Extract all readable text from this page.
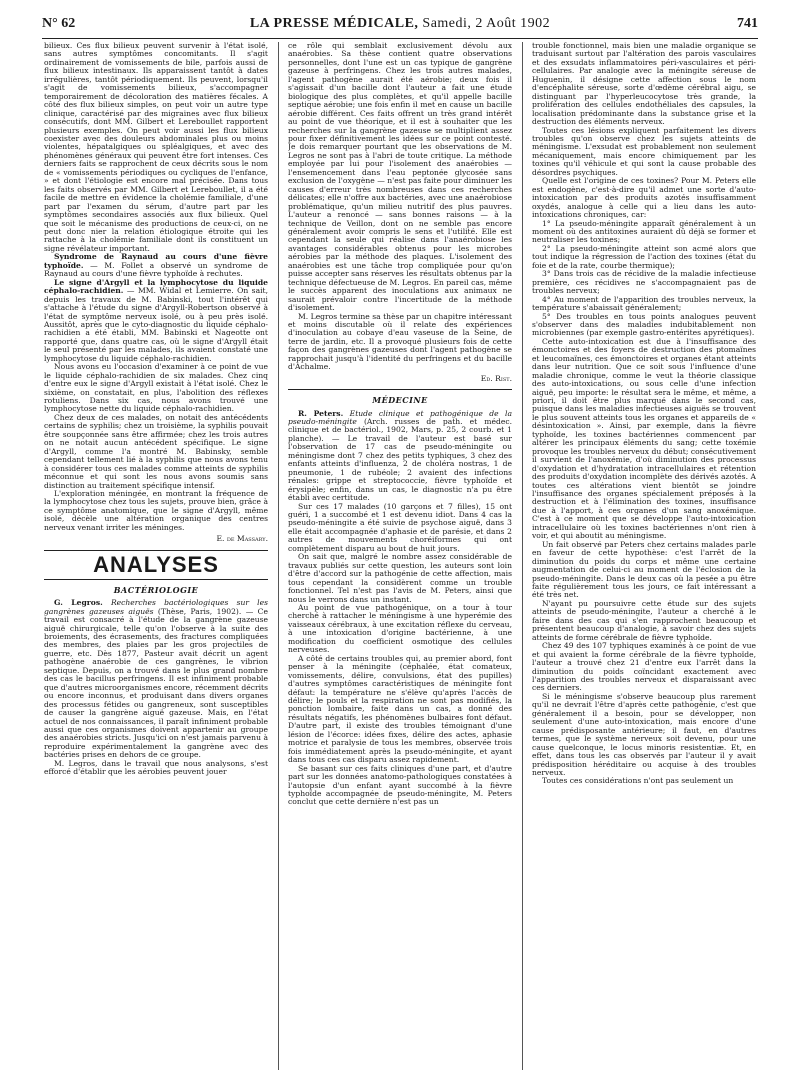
N° 62	LA PRESSE MÉDICALE, Samedi, 2 Août 1902	741

bilieux. Ces flux bilieux peuvent survenir à l'état isolé, sans autres symptômes concomitants. Il s'agit ordinairement de vomissements de bile, parfois aussi de flux bilieux intestinaux. Ils apparaissent tantôt à dates irrégulières, tantôt périodiquement. Ils peuvent, lorsqu'il s'agit de vomissements bilieux, s'accompagner temporairement de décoloration des matières fécales. A côté des flux bilieux simples, on peut voir un autre type clinique, caractérisé par des migraines avec flux bilieux consécutifs, dont MM. Gilbert et Lereboullet rapportent plusieurs exemples. On peut voir aussi les flux bilieux coexister avec des douleurs abdominales plus ou moins violentes, hépatalgiques ou spléalgiques, et avec des phénomènes généraux qui peuvent être fort intenses. Ces derniers faits se rapprochent de ceux décrits sous le nom de « vomissements périodiques ou cycliques de l'enfance, » et dont l'étiologie est encore mal précisée. Dans tous les faits observés par MM. Gilbert et Lereboullet, il a été facile de mettre en évidence la cholémie familiale, d'une part par l'examen du sérum, d'autre part par les symptômes secondaires associés aux flux bilieux. Quel que soit le mécanisme des productions de ceux-ci, on ne peut donc nier la relation étiologique étroite qui les rattache à la cholémie familiale dont ils constituent un signe révélateur important.

Syndrome de Raynaud au cours d'une fièvre typhoïde. — M. Follet a observé un syndrome de Raynaud au cours d'une fièvre typhoïde à rechutes.

Le signe d'Argyll et la lymphocytose du liquide céphalo-rachidien. — MM. Widal et Lemierre. On sait, depuis les travaux de M. Babinski, tout l'intérêt qui s'attache à l'étude du signe d'Argyll-Robertson observé à l'état de symptôme nerveux isolé, ou à peu près isolé. Aussitôt, après que le cyto-diagnostic du liquide céphalo-rachidien a été établi, MM. Babinski et Nageotte ont rapporté que, dans quatre cas, où le signe d'Argyll était le seul présenté par les malades, ils avaient constaté une lymphocytose du liquide céphalo-rachidien.

Nous avons eu l'occasion d'examiner à ce point de vue le liquide céphalo-rachidien de six malades. Chez cinq d'entre eux le signe d'Argyll existait à l'état isolé. Chez le sixième, on constatait, en plus, l'abolition des réflexes rotuliens. Dans six cas, nous avons trouvé une lymphocytose nette du liquide céphalo-rachidien.

Chez deux de ces malades, on notait des antécédents certains de syphilis; chez un troisième, la syphilis pouvait être soupçonnée sans être affirmée; chez les trois autres on ne notait aucun antécédent spécifique. Le signe d'Argyll, comme l'a montré M. Babinsky, semble cependant tellement lié à la syphilis que nous avons tenu à considérer tous ces malades comme atteints de syphilis méconnue et qui sont les nous avons soumis sans distinction au traitement spécifique intensif.

L'exploration méningée, en montrant la fréquence de la lymphocytose chez tous les sujets, prouve bien, grâce à ce symptôme anatomique, que le signe d'Argyll, même isolé, décèle une altération organique des centres nerveux venant irriter les méninges.

E. de Massary.
ANALYSES
BACTÉRIOLOGIE

G. Legros. Recherches bactériologiques sur les gangrènes gazeuses aiguës (Thèse, Paris, 1902). — Ce travail est consacré à l'étude de la gangrène gazeuse aiguë chirurgicale, telle qu'on l'observe à la suite des broiements, des écrasements, des fractures compliquées des membres, des plaies par les gros projectiles de guerre, etc. Dès 1877, Pasteur avait décrit un agent pathogène anaérobie de ces gangrènes, le vibrion septique. Depuis, on a trouvé dans le plus grand nombre des cas le bacillus perfringens. Il est infiniment probable que d'autres microorganismes encore, récemment décrits ou encore inconnus, et produisant dans divers organes des processus fétides ou gangreneux, sont susceptibles de causer la gangrène aiguë gazeuse. Mais, en l'état actuel de nos connaissances, il paraît infiniment probable aussi que ces organismes doivent appartenir au groupe des anaérobies stricts. Jusqu'ici on n'est jamais parvenu à reproduire expérimentalement la gangrène avec des bactéries prises en dehors de ce groupe.

M. Legros, dans le travail que nous analysons, s'est efforcé d'établir que les aérobies peuvent jouer

ce rôle qui semblait exclusivement dévolu aux anaérobies. Sa thèse contient quatre observations personnelles, dont l'une est un cas typique de gangrène gazeuse à perfringens. Chez les trois autres malades, l'agent pathogène aurait été aérobie; deux fois il s'agissait d'un bacille dont l'auteur a fait une étude biologique des plus complètes, et qu'il appelle bacille septique aérobie; une fois enfin il met en cause un bacille aérobie différent. Ces faits offrent un très grand intérêt au point de vue théorique, et il est à souhaiter que les recherches sur la gangrène gazeuse se multiplient assez pour fixer définitivement les idées sur ce point contesté. Je dois remarquer pourtant que les observations de M. Legros ne sont pas à l'abri de toute critique. La méthode employée par lui pour l'isolement des anaérobies — l'ensemencement dans l'eau peptonée glycosée sans exclusion de l'oxygène — n'est pas faite pour diminuer les causes d'erreur très nombreuses dans ces recherches délicates; elle n'offre aux bactéries, avec une anaérobiose problématique, qu'un milieu nutritif des plus pauvres. L'auteur a renoncé — sans bonnes raisons — à la technique de Veillon, dont on ne semble pas encore généralement avoir compris le sens et l'utilité. Elle est cependant la seule qui réalise dans l'anaérobiose les avantages considérables obtenus pour les microbes aérobies par la méthode des plaques. L'isolement des anaérobies est une tâche trop compliquée pour qu'on puisse accepter sans réserves les résultats obtenus par la technique défectueuse de M. Legros. En pareil cas, même le succès apparent des inoculations aux animaux ne saurait prévaloir contre l'incertitude de la méthode d'isolement.

M. Legros termine sa thèse par un chapitre intéressant et moins discutable où il relate des expériences d'inoculation au cobaye d'eau vaseuse de la Seine, de terre de jardin, etc. Il a provoqué plusieurs fois de cette façon des gangrènes gazeuses dont l'agent pathogène se rapprochait jusqu'à l'identité du perfringens et du bacille d'Achalme.

Ed. Rist.
MÉDECINE

R. Peters. Etude clinique et pathogénique de la pseudo-méningite (Arch. russes de path. et médec. clinique et de bactériol., 1902, Mars, p. 25, 2 courb. et 1 planche). — Le travail de l'auteur est basé sur l'observation de 17 cas de pseudo-méningite ou méningisme dont 7 chez des petits typhiques, 3 chez des enfants atteints d'influenza, 2 de choléra nostras, 1 de pneumonie, 1 de rubéole; 2 avaient des infections rénales: grippe et streptococcie, fièvre typhoïde et érysipèle; enfin, dans un cas, le diagnostic n'a pu être établi avec certitude.

Sur ces 17 malades (10 garçons et 7 filles), 15 ont guéri, 1 a succombé et 1 est devenu idiot. Dans 4 cas la pseudo-méningite a été suivie de psychose aiguë, dans 3 elle était accompagnée d'aphasie et de parésie, et dans 2 autres de mouvements choréiformes qui ont complètement disparu au bout de huit jours.

On sait que, malgré le nombre assez considérable de travaux publiés sur cette question, les auteurs sont loin d'être d'accord sur la pathogénie de cette affection, mais tous cependant la considèrent comme un trouble fonctionnel. Tel n'est pas l'avis de M. Peters, ainsi que nous le verrons dans un instant.

Au point de vue pathogénique, on a tour à tour cherché à rattacher le méningisme à une hyperémie des vaisseaux cérébraux, à une excitation réflexe du cerveau, à une intoxication d'origine bactérienne, à une modification du coefficient osmotique des cellules nerveuses.

A côté de certains troubles qui, au premier abord, font penser à la méningite (céphalée, état comateux, vomissements, délire, convulsions, état des pupilles) d'autres symptômes caractéristiques de méningite font défaut: la température ne s'élève qu'après l'accès de délire; le pouls et la respiration ne sont pas modifiés, la ponction lombaire, faite dans un cas, a donné des résultats négatifs, les phénomènes bulbaires font défaut. D'autre part, il existe des troubles témoignant d'une lésion de l'écorce: idées fixes, délire des actes, aphasie motrice et paralysie de tous les membres, observée trois fois immédiatement après la pseudo-méningite, et ayant dans tous ces cas disparu assez rapidement.

Se basant sur ces faits cliniques d'une part, et d'autre part sur les données anatomo-pathologiques constatées à l'autopsie d'un enfant ayant succombé à la fièvre typhoïde accompagnée de pseudo-méningite, M. Peters conclut que cette dernière n'est pas un

trouble fonctionnel, mais bien une maladie organique se traduisant surtout par l'altération des parois vasculaires et des exsudats inflammatoires péri-vasculaires et péri-cellulaires. Par analogie avec la méningite séreuse de Huguenin, il désigne cette affection sous le nom d'encéphalite séreuse, sorte d'œdème cérébral aigu, se distinguant par l'hyperleucocytose très grande, la prolifération des cellules endothéliales des capsules, la localisation prédominante dans la substance grise et la destruction des éléments nerveux.

Toutes ces lésions expliquent parfaitement les divers troubles qu'on observe chez les sujets atteints de méningisme. L'exsudat est probablement non seulement mécaniquement, mais encore chimiquement par les toxines qu'il véhicule et qui sont la cause probable des désordres psychiques.

Quelle est l'origine de ces toxines? Pour M. Peters elle est endogène, c'est-à-dire qu'il admet une sorte d'auto-intoxication par des produits azotés insuffisamment oxydés, analogue à celle qui a lieu dans les auto-intoxications chroniques, car:

1° La pseudo-méningite apparaît généralement à un moment où des antitoxines auraient dû déjà se former et neutraliser les toxines;

2° La pseudo-méningite atteint son acmé alors que tout indique la régression de l'action des toxines (état du foie et de la rate, courbe thermique);

3° Dans trois cas de récidive de la maladie infectieuse première, ces récidives ne s'accompagnaient pas de troubles nerveux;

4° Au moment de l'apparition des troubles nerveux, la température s'abaissait généralement;

5° Des troubles en tous points analogues peuvent s'observer dans des maladies indubitablement non microbiennes (par exemple gastro-entérites apyrétiques).

Cette auto-intoxication est due à l'insuffisance des émonctoires et des foyers de destruction des ptomaïnes et leucomaïnes, ces émonctoires et organes étant atteints dans leur nutrition. Que ce soit sous l'influence d'une maladie chronique, comme le veut la théorie classique des auto-intoxications, ou sous celle d'une infection aiguë, peu importe: le résultat sera le même, et même, a priori, il doit être plus marqué dans le second cas, puisque dans les maladies infectieuses aiguës se trouvent le plus souvent atteints tous les organes et appareils de « désintoxication ». Ainsi, par exemple, dans la fièvre typhoïde, les toxines bactériennes commencent par altérer les principaux éléments du sang; cette toxémie provoque les troubles nerveux du début; consécutivement il survient de l'anoxémie, d'où diminution des processus d'oxydation et d'hydratation intracellulaires et rétention des produits d'oxydation incomplète des dérivés azotés. A toutes ces altérations vient bientôt se joindre l'insuffisance des organes spécialement préposés à la destruction et à l'élimination des toxines, insuffisance due à l'apport, à ces organes d'un sang anoxémique. C'est à ce moment que se développe l'auto-intoxication intracellulaire où les toxines bactériennes n'ont rien à voir, et qui aboutit au méningisme.

Un fait observé par Peters chez certains malades parle en faveur de cette hypothèse: c'est l'arrêt de la diminution du poids du corps et même une certaine augmentation de celui-ci au moment de l'éclosion de la pseudo-méningite. Dans le deux cas où la pesée a pu être faite régulièrement tous les jours, ce fait intéressant a été très net.

N'ayant pu poursuivre cette étude sur des sujets atteints de pseudo-méningite, l'auteur a cherché à le faire dans des cas qui s'en rapprochent beaucoup et présentent beaucoup d'analogie, à savoir chez des sujets atteints de forme cérébrale de fièvre typhoïde.

Chez 49 des 107 typhiques examinés à ce point de vue et qui avaient la forme cérébrale de la fièvre typhoïde, l'auteur a trouvé chez 21 d'entre eux l'arrêt dans la diminution du poids coïncidant exactement avec l'apparition des troubles nerveux et disparaissant avec ces derniers.

Si le méningisme s'observe beaucoup plus rarement qu'il ne devrait l'être d'après cette pathogénie, c'est que généralement il a besoin, pour se développer, non seulement d'une auto-intoxication, mais encore d'une cause prédisposante antérieure; il faut, en d'autres termes, que le système nerveux soit devenu, pour une cause quelconque, le locus minoris resistentiæ. Et, en effet, dans tous les cas observés par l'auteur il y avait prédisposition héréditaire ou acquise à des troubles nerveux.

Toutes ces considérations n'ont pas seulement un
